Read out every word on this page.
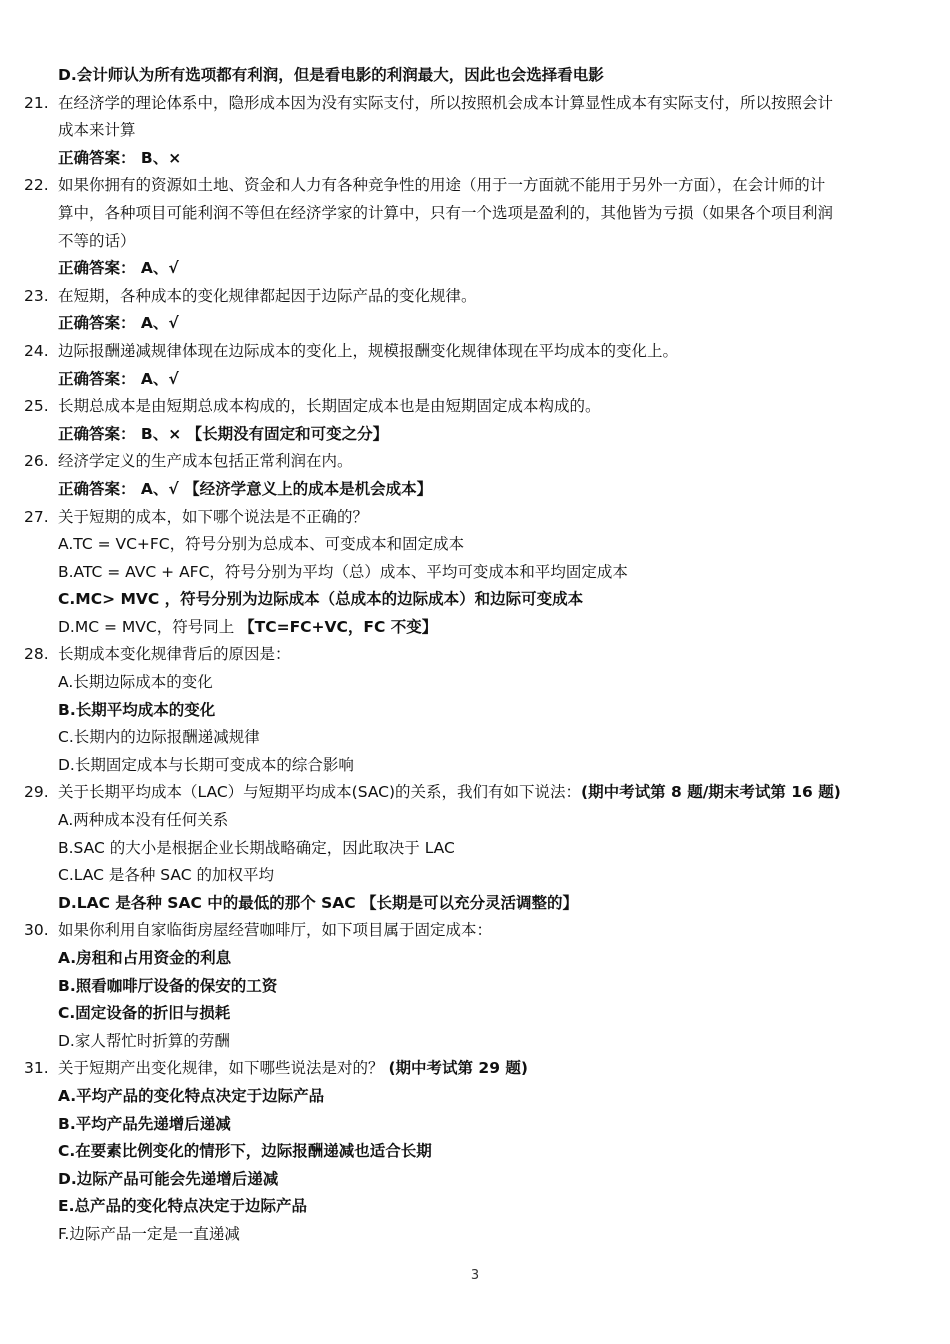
D.会计师认为所有选项都有利润，但是看电影的利润最大，因此也会选择看电影
21. 在经济学的理论体系中，隐形成本因为没有实际支付，所以按照机会成本计算显性成本有实际支付，所以按照会计
成本来计算
正确答案： B、×
22. 如果你拥有的资源如土地、资金和人力有各种竞争性的用途（用于一方面就不能用于另外一方面），在会计师的计
算中，各种项目可能利润不等但在经济学家的计算中，只有一个选项是盈利的，其他皆为亏损（如果各个项目利润
不等的话）
正确答案： A、√
23. 在短期，各种成本的变化规律都起因于边际产品的变化规律。
正确答案： A、√
24. 边际报酬递减规律体现在边际成本的变化上，规模报酬变化规律体现在平均成本的变化上。
正确答案： A、√
25. 长期总成本是由短期总成本构成的，长期固定成本也是由短期固定成本构成的。
正确答案： B、× 【长期没有固定和可变之分】
26. 经济学定义的生产成本包括正常利润在内。
正确答案： A、√ 【经济学意义上的成本是机会成本】
27. 关于短期的成本，如下哪个说法是不正确的？
A.TC = VC+FC，符号分别为总成本、可变成本和固定成本
B.ATC = AVC + AFC，符号分别为平均（总）成本、平均可变成本和平均固定成本
C.MC> MVC ，符号分别为边际成本（总成本的边际成本）和边际可变成本
D.MC = MVC，符号同上 【TC=FC+VC，FC 不变】
28. 长期成本变化规律背后的原因是：
A.长期边际成本的变化
B.长期平均成本的变化
C.长期内的边际报酬递减规律
D.长期固定成本与长期可变成本的综合影响
29. 关于长期平均成本（LAC）与短期平均成本(SAC)的关系，我们有如下说法：(期中考试第 8 题/期末考试第 16 题)
A.两种成本没有任何关系
B.SAC 的大小是根据企业长期战略确定，因此取决于 LAC
C.LAC 是各种 SAC 的加权平均
D.LAC 是各种 SAC 中的最低的那个 SAC 【长期是可以充分灵活调整的】
30. 如果你利用自家临街房屋经营咖啡厅，如下项目属于固定成本：
A.房租和占用资金的利息
B.照看咖啡厅设备的保安的工资
C.固定设备的折旧与损耗
D.家人帮忙时折算的劳酬
31. 关于短期产出变化规律，如下哪些说法是对的？ (期中考试第 29 题)
A.平均产品的变化特点决定于边际产品
B.平均产品先递增后递减
C.在要素比例变化的情形下，边际报酬递减也适合长期
D.边际产品可能会先递增后递减
E.总产品的变化特点决定于边际产品
F.边际产品一定是一直递减
3
